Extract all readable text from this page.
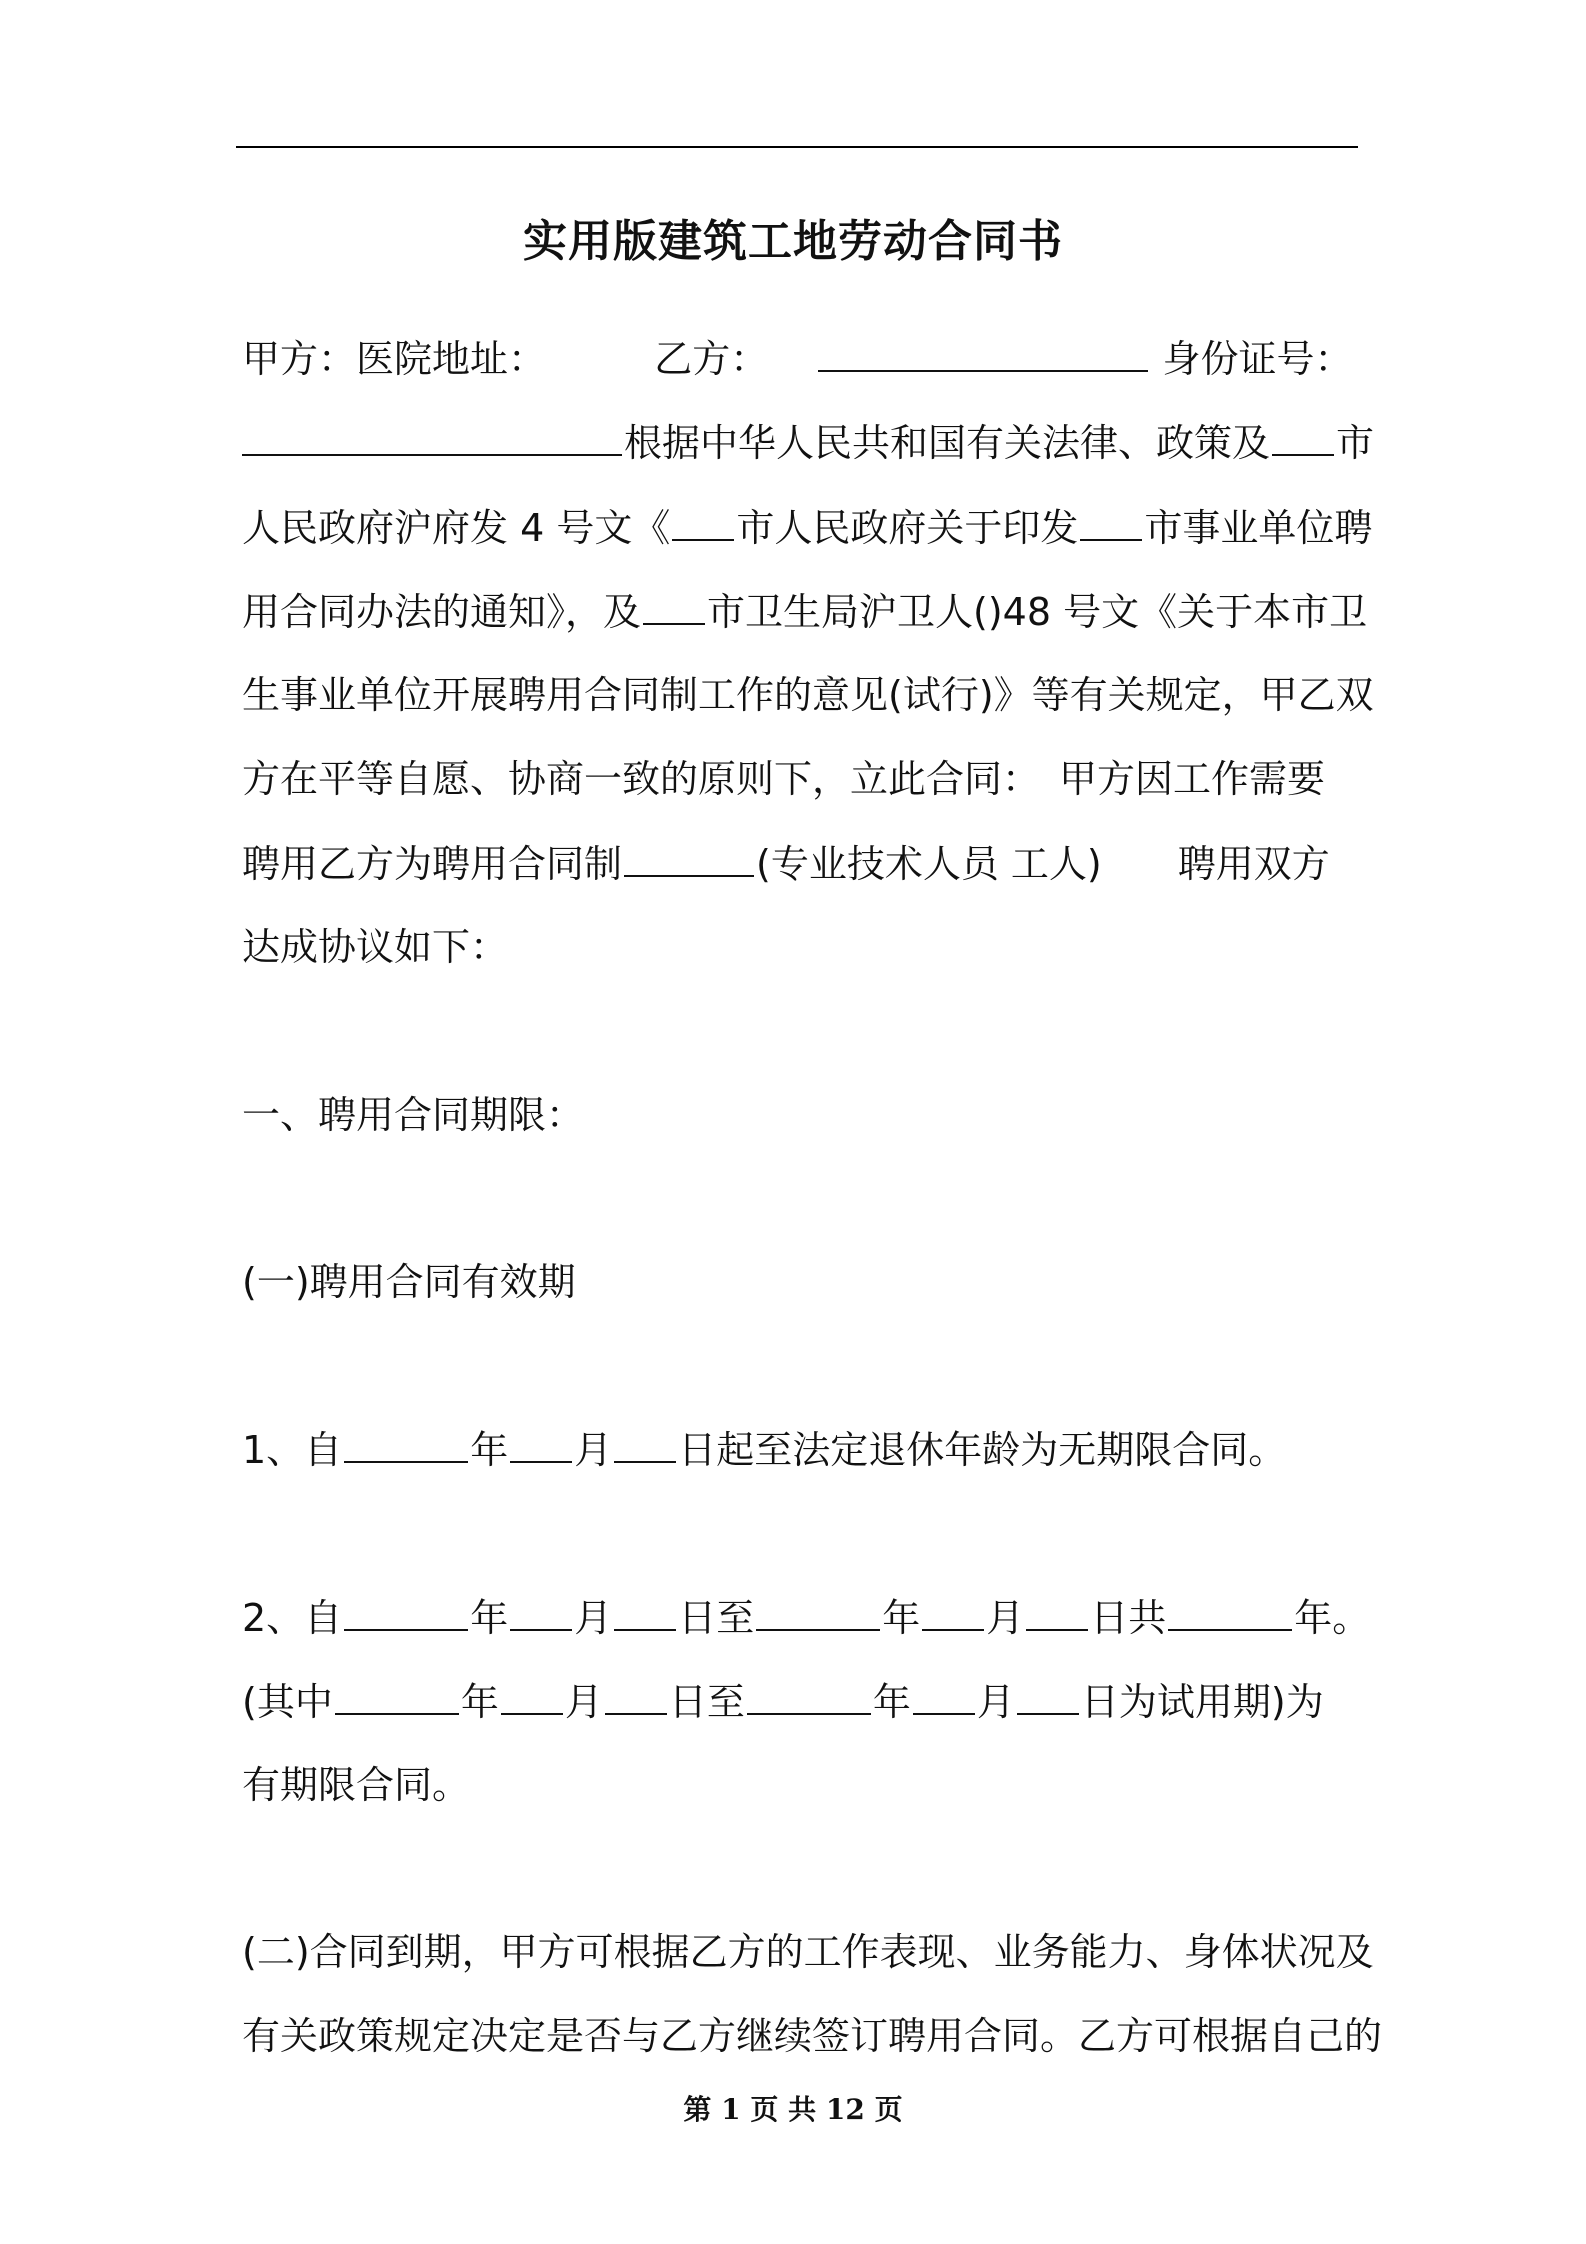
实用版建筑工地劳动合同书
甲方：医院地址：	乙方：	身份证号：
根据中华人民共和国有关法律、政策及 市
人民政府沪府发 4 号文《 市人民政府关于印发 市事业单位聘
用合同办法的通知》，及 市卫生局沪卫人()48 号文《关于本市卫
生事业单位开展聘用合同制工作的意见(试行)》等有关规定，甲乙双
方在平等自愿、协商一致的原则下，立此合同：　甲方因工作需要
聘用乙方为聘用合同制	(专业技术人员 工人) 聘用双方
达成协议如下：
一、聘用合同期限：
(一)聘用合同有效期
1、自	年 月 日起至法定退休年龄为无期限合同。
2、自	年 月 日至	年 月 日共	年。
(其中	年 月 日至	年 月 日为试用期)为
有期限合同。
(二)合同到期，甲方可根据乙方的工作表现、业务能力、身体状况及
有关政策规定决定是否与乙方继续签订聘用合同。乙方可根据自己的
第 1 页 共 12 页
